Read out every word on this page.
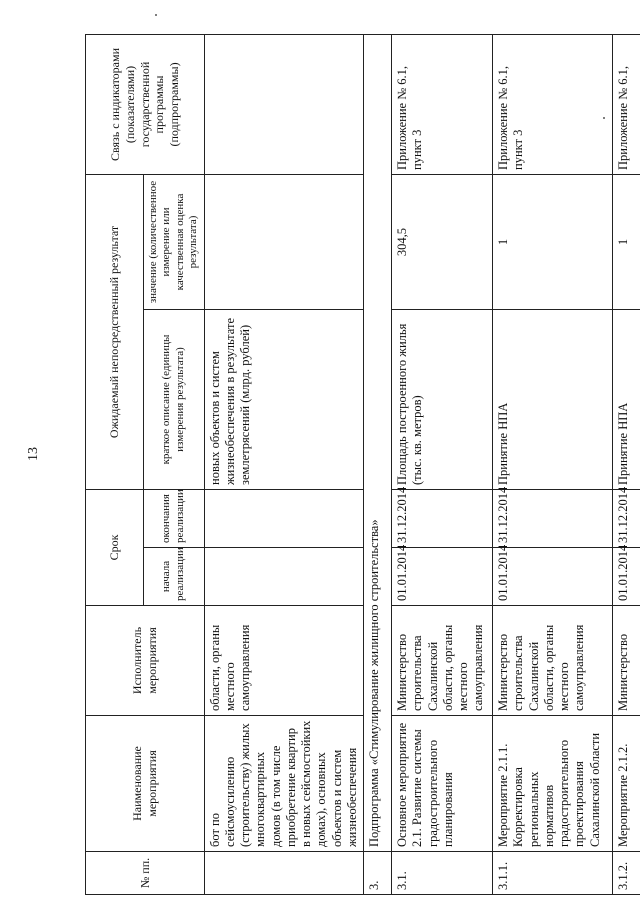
13
№ пп.	Наименование мероприятия	Исполнитель мероприятия	Срок		Ожидаемый непосредственный результат		Связь с индикаторами (показателями) государственной программы (подпрограммы)
			начала реализации	окончания реализации	краткое описание (единицы измерения результата)	значение (количественное измерение или качественная оценка результата)	
	бот по сейсмоусилению (строительству) жилых многоквартирных домов (в том числе приобретение квартир в новых сейсмостойких домах), основных объектов и систем жизнеобеспечения	области, органы местного самоуправления			новых объектов и систем жизнеобеспечения в результате землетрясений (млрд. рублей)		
3.	Подпрограмма «Стимулирование жилищного строительства»						
3.1.	Основное мероприятие 2.1. Развитие системы градостроительного планирования	Министерство строительства Сахалинской области, органы местного самоуправления	01.01.2014	31.12.2014	Площадь построенного жилья (тыс. кв. метров)	304,5	Приложение № 6.1, пункт 3
3.1.1.	Мероприятие 2.1.1. Корректировка региональных нормативов градостроительного проектирования Сахалинской области	Министерство строительства Сахалинской области, органы местного самоуправления	01.01.2014	31.12.2014	Принятие НПА	1	Приложение № 6.1, пункт 3
3.1.2.	Мероприятие 2.1.2.	Министерство	01.01.2014	31.12.2014	Принятие НПА	1	Приложение № 6.1,
